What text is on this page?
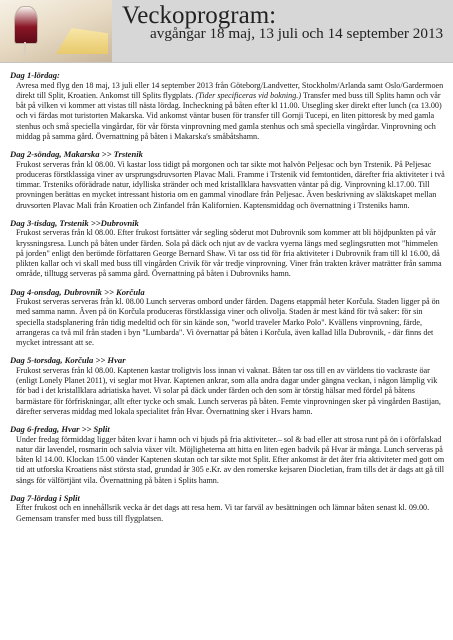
Veckoprogram:
avgångar 18 maj, 13 juli och 14 september 2013
Dag 1-lördag:

Avresa med flyg den 18 maj, 13 juli eller 14 september 2013 från Göteborg/Landvetter, Stockholm/Arlanda samt Oslo/Gardermoen direkt till Split, Kroatien. Ankomst till Splits flygplats. (Tider specificeras vid bokning.) Transfer med buss till Splits hamn och vår båt på vilken vi kommer att vistas till nästa lördag. Incheckning på båten efter kl 11.00. Utsegling sker direkt efter lunch (ca 13.00) och vi färdas mot turistorten Makarska. Vid ankomst väntar busen för transfer till Gornji Tucepi, en liten pittoresk by med gamla stenhus och små speciella vingårdar, för vår första vinprovning med gamla stenhus och små speciella vingårdar. Vinprovning och middag på samma gård. Övernattning på båten i Makarska's småbåtshamn.

Dag 2-söndag, Makarska >> Trstenik

Frukost serveras från kl 08.00. Vi kastar loss tidigt på morgonen och tar sikte mot halvön Peljesac och byn Trstenik. På Peljesac produceras förstklassiga viner av ursprungsdruvsorten Plavac Mali. Framme i Trstenik vid femtontiden, därefter fria aktiviteter i två timmar. Trsteniks oförädrade natur, idylliska stränder och med kristallklara havsvatten väntar på dig. Vinprovning kl.17.00. Till provningen berättas en mycket intressant historia om en gammal vinodlare från Peljesac. Även beskrivning av släktskapet mellan druvsorten Plavac Mali från Kroatien och Zinfandel från Kalifornien. Kaptensmiddag och övernattning i Trsteniks hamn.

Dag 3-tisdag, Trstenik >>Dubrovnik

Frukost serveras från kl 08.00. Efter frukost fortsätter vår segling söderut mot Dubrovnik som kommer att bli höjdpunkten på vår kryssningsresa. Lunch på båten under färden. Sola på däck och njut av de vackra vyerna längs med seglingsrutten mot "himmelen på jorden" enligt den berömde författaren George Bernard Shaw. Vi tar oss tid för fria aktiviteter i Dubrovnik fram till kl 16.00, då plikten kallar och vi skall med buss till vingården Crivik för vår tredje vinprovning. Viner från trakten kräver maträtter från samma område, tilltugg serveras på samma gård. Övernattning på båten i Dubrovniks hamn.

Dag 4-onsdag, Dubrovnik >> Korčula

Frukost serveras serveras från kl. 08.00 Lunch serveras ombord under färden. Dagens etappmål heter Korčula. Staden ligger på ön med samma namn. Även på ön Korčula produceras förstklassiga viner och olivolja. Staden är mest känd för två saker: för sin speciella stadsplanering från tidig medeltid och för sin kände son, "world traveler Marko Polo". Kvällens vinprovning, färde, arrangeras ca två mil från staden i byn "Lumbarda". Vi övernattar på båten i Korčula, även kallad lilla Dubrovnik, - där finns det mycket intressant att se.

Dag 5-torsdag, Korčula >> Hvar

Frukost serveras från kl 08.00. Kaptenen kastar troligtvis loss innan vi vaknat. Båten tar oss till en av världens tio vackraste öar (enligt Lonely Planet 2011), vi seglar mot Hvar. Kaptenen ankrar, som alla andra dagar under gängna veckan, i någon lämplig vik för bad i det kristallklara adriatiska havet. Vi solar på däck under färden och den som är törstig hälsar med fördel på båtens barmästare för förfriskningar, allt efter tycke och smak. Lunch serveras på båten. Femte vinprovningen sker på vingården Bastijan, därefter serveras middag med lokala specialitet från Hvar. Övernattning sker i Hvars hamn.

Dag 6-fredag, Hvar >> Split

Under fredag förmiddag ligger båten kvar i hamn och vi bjuds på fria aktiviteter.– sol & bad eller att strosa runt på ön i oförfalskad natur där lavendel, rosmarin och salvia växer vilt. Möjligheterna att hitta en liten egen badvik på Hvar är många. Lunch serveras på båten kl 14.00. Klockan 15.00 vänder Kaptenen skutan och tar sikte mot Split. Efter ankomst är det åter fria aktiviteter med gott om tid att utforska Kroatiens näst största stad, grundad år 305 e.Kr. av den romerske kejsaren Diocletian, fram tills det är dags att gå till sängs för välförtjänt vila. Övernattning på båten i Splits hamn.

Dag 7-lördag i Split

Efter frukost och en innehållsrik vecka är det dags att resa hem. Vi tar farväl av besättningen och lämnar båten senast kl. 09.00. Gemensam transfer med buss till flygplatsen.
